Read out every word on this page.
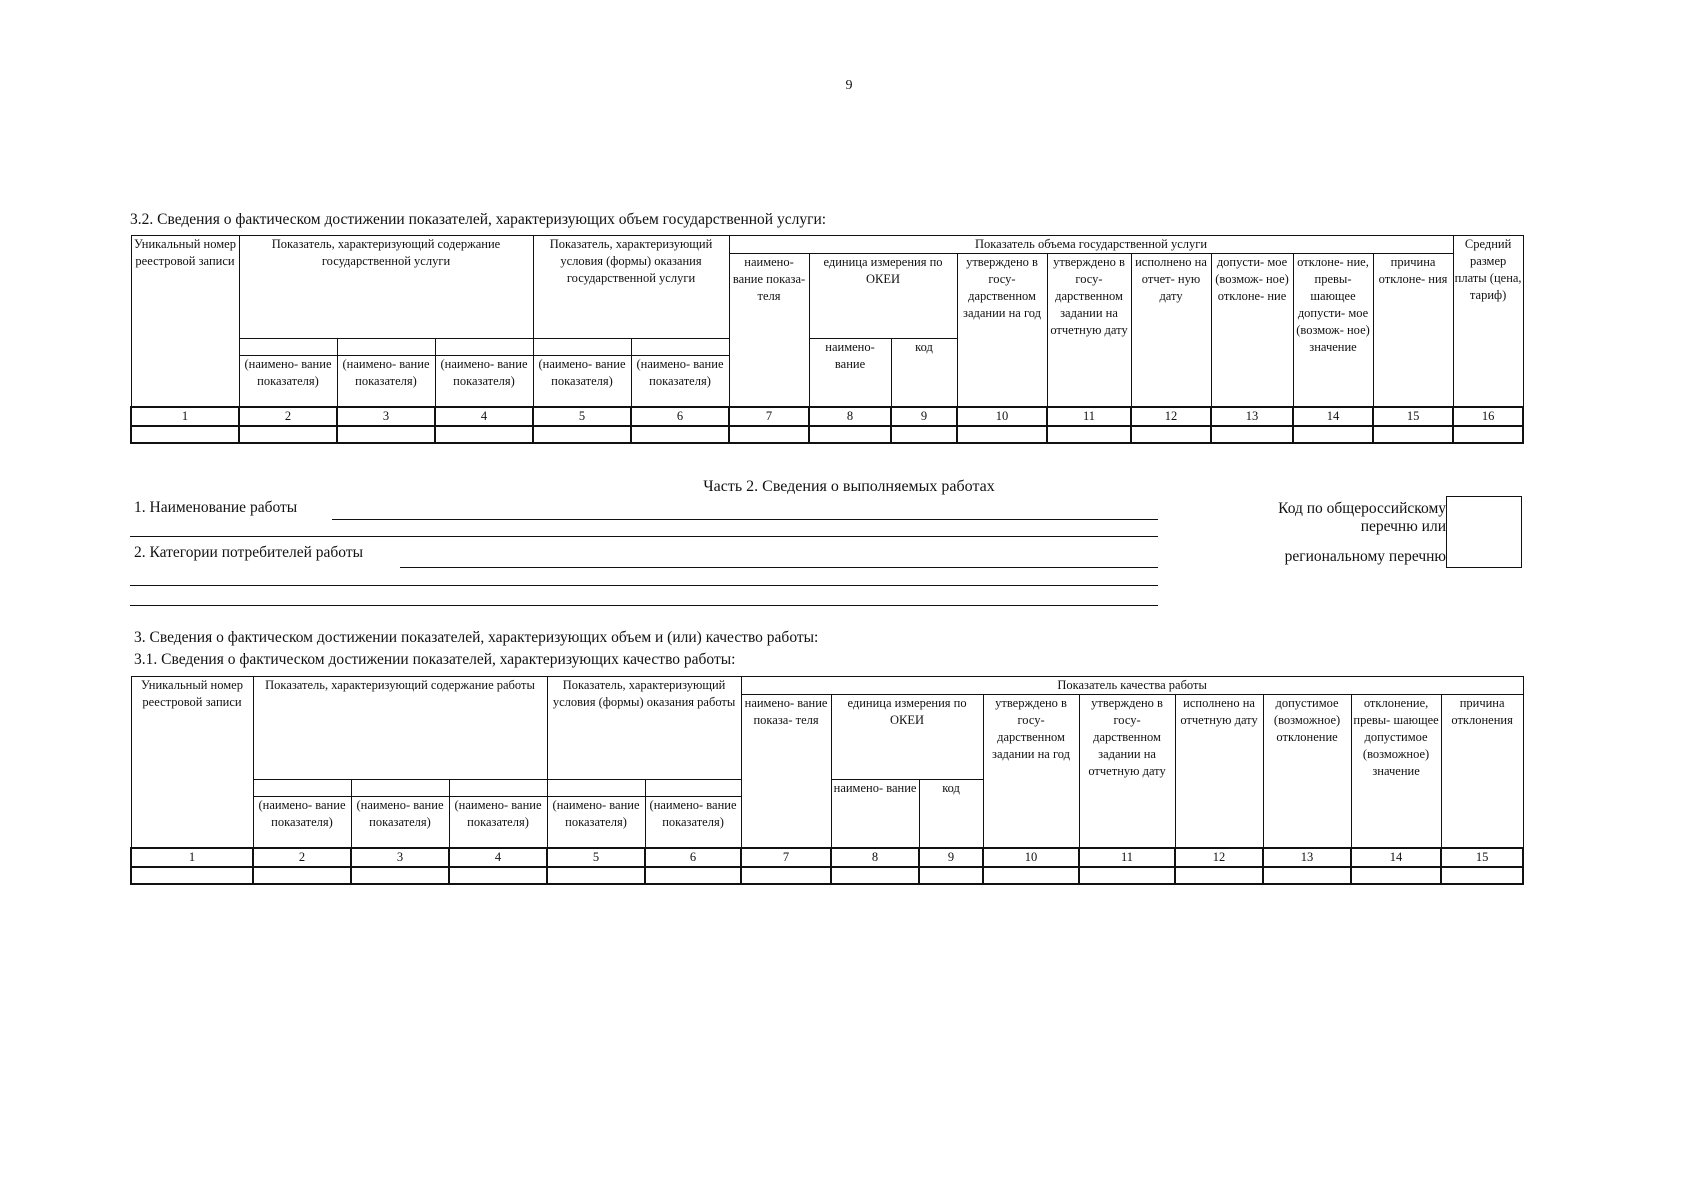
9
3.2. Сведения о фактическом достижении показателей, характеризующих объем государственной услуги:
Уникальный номер реестровой записи	Показатель, характеризующий содержание государственной услуги			Показатель, характеризующий условия (формы) оказания государственной услуги		Показатель объема государственной услуги									Средний размер платы (цена, тариф)
						наимено- вание показа- теля	единица измерения по ОКЕИ		утверждено в госу- дарственном задании на год	утверждено в госу- дарственном задании на отчетную дату	исполнено на отчет- ную дату	допусти- мое (возмож- ное) отклоне- ние	отклоне- ние, превы- шающее допусти- мое (возмож- ное) значение	причина отклоне- ния	

							наимено- вание	код							
	(наимено- вание показателя)	(наимено- вание показателя)	(наимено- вание показателя)	(наимено- вание показателя)	(наимено- вание показателя)										

1	2	3	4	5	6	7	8	9	10	11	12	13	14	15	16

Часть 2. Сведения о выполняемых работах
1. Наименование работы
2. Категории потребителей работы
Код по общероссийскому
перечню или
региональному перечню
3. Сведения о фактическом достижении показателей, характеризующих объем и (или) качество работы:
3.1. Сведения о фактическом достижении показателей, характеризующих качество работы:
Уникальный номер реестровой записи	Показатель, характеризующий содержание работы			Показатель, характеризующий условия (формы) оказания работы		Показатель качества работы								
						наимено- вание показа- теля	единица измерения по ОКЕИ		утверждено в госу- дарственном задании на год	утверждено в госу- дарственном задании на отчетную дату	исполнено на отчетную дату	допустимое (возможное) отклонение	отклонение, превы- шающее допустимое (возможное) значение	причина отклонения

							наимено- вание	код						
	(наимено- вание показателя)	(наимено- вание показателя)	(наимено- вание показателя)	(наимено- вание показателя)	(наимено- вание показателя)									

1	2	3	4	5	6	7	8	9	10	11	12	13	14	15
